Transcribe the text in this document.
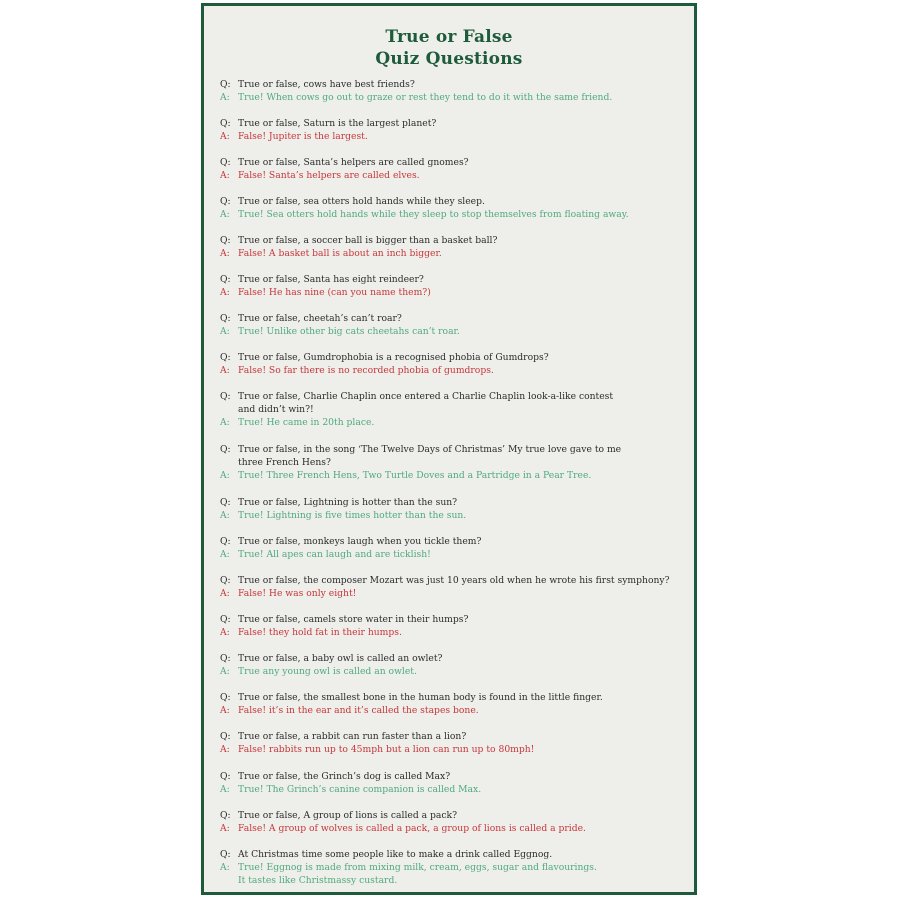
True or False
Quiz Questions
Q: True or false, cows have best friends?
A: True! When cows go out to graze or rest they tend to do it with the same friend.
Q: True or false, Saturn is the largest planet?
A: False! Jupiter is the largest.
Q: True or false, Santa’s helpers are called gnomes?
A: False! Santa’s helpers are called elves.
Q: True or false, sea otters hold hands while they sleep.
A: True! Sea otters hold hands while they sleep to stop themselves from floating away.
Q: True or false, a soccer ball is bigger than a basket ball?
A: False! A basket ball is about an inch bigger.
Q: True or false, Santa has eight reindeer?
A: False! He has nine (can you name them?)
Q: True or false, cheetah’s can’t roar?
A: True! Unlike other big cats cheetahs can’t roar.
Q: True or false, Gumdrophobia is a recognised phobia of Gumdrops?
A: False! So far there is no recorded phobia of gumdrops.
Q: True or false, Charlie Chaplin once entered a Charlie Chaplin look-a-like contest
and didn’t win?!
A: True! He came in 20th place.
Q: True or false, in the song ‘The Twelve Days of Christmas’ My true love gave to me
three French Hens?
A: True! Three French Hens, Two Turtle Doves and a Partridge in a Pear Tree.
Q: True or false, Lightning is hotter than the sun?
A: True! Lightning is five times hotter than the sun.
Q: True or false, monkeys laugh when you tickle them?
A: True! All apes can laugh and are ticklish!
Q: True or false, the composer Mozart was just 10 years old when he wrote his first symphony?
A: False! He was only eight!
Q: True or false, camels store water in their humps?
A: False! they hold fat in their humps.
Q: True or false, a baby owl is called an owlet?
A: True any young owl is called an owlet.
Q: True or false, the smallest bone in the human body is found in the little finger.
A: False! it’s in the ear and it’s called the stapes bone.
Q: True or false, a rabbit can run faster than a lion?
A: False! rabbits run up to 45mph but a lion can run up to 80mph!
Q: True or false, the Grinch’s dog is called Max?
A: True! The Grinch’s canine companion is called Max.
Q: True or false, A group of lions is called a pack?
A: False! A group of wolves is called a pack, a group of lions is called a pride.
Q: At Christmas time some people like to make a drink called Eggnog.
A: True! Eggnog is made from mixing milk, cream, eggs, sugar and flavourings.
It tastes like Christmassy custard.
